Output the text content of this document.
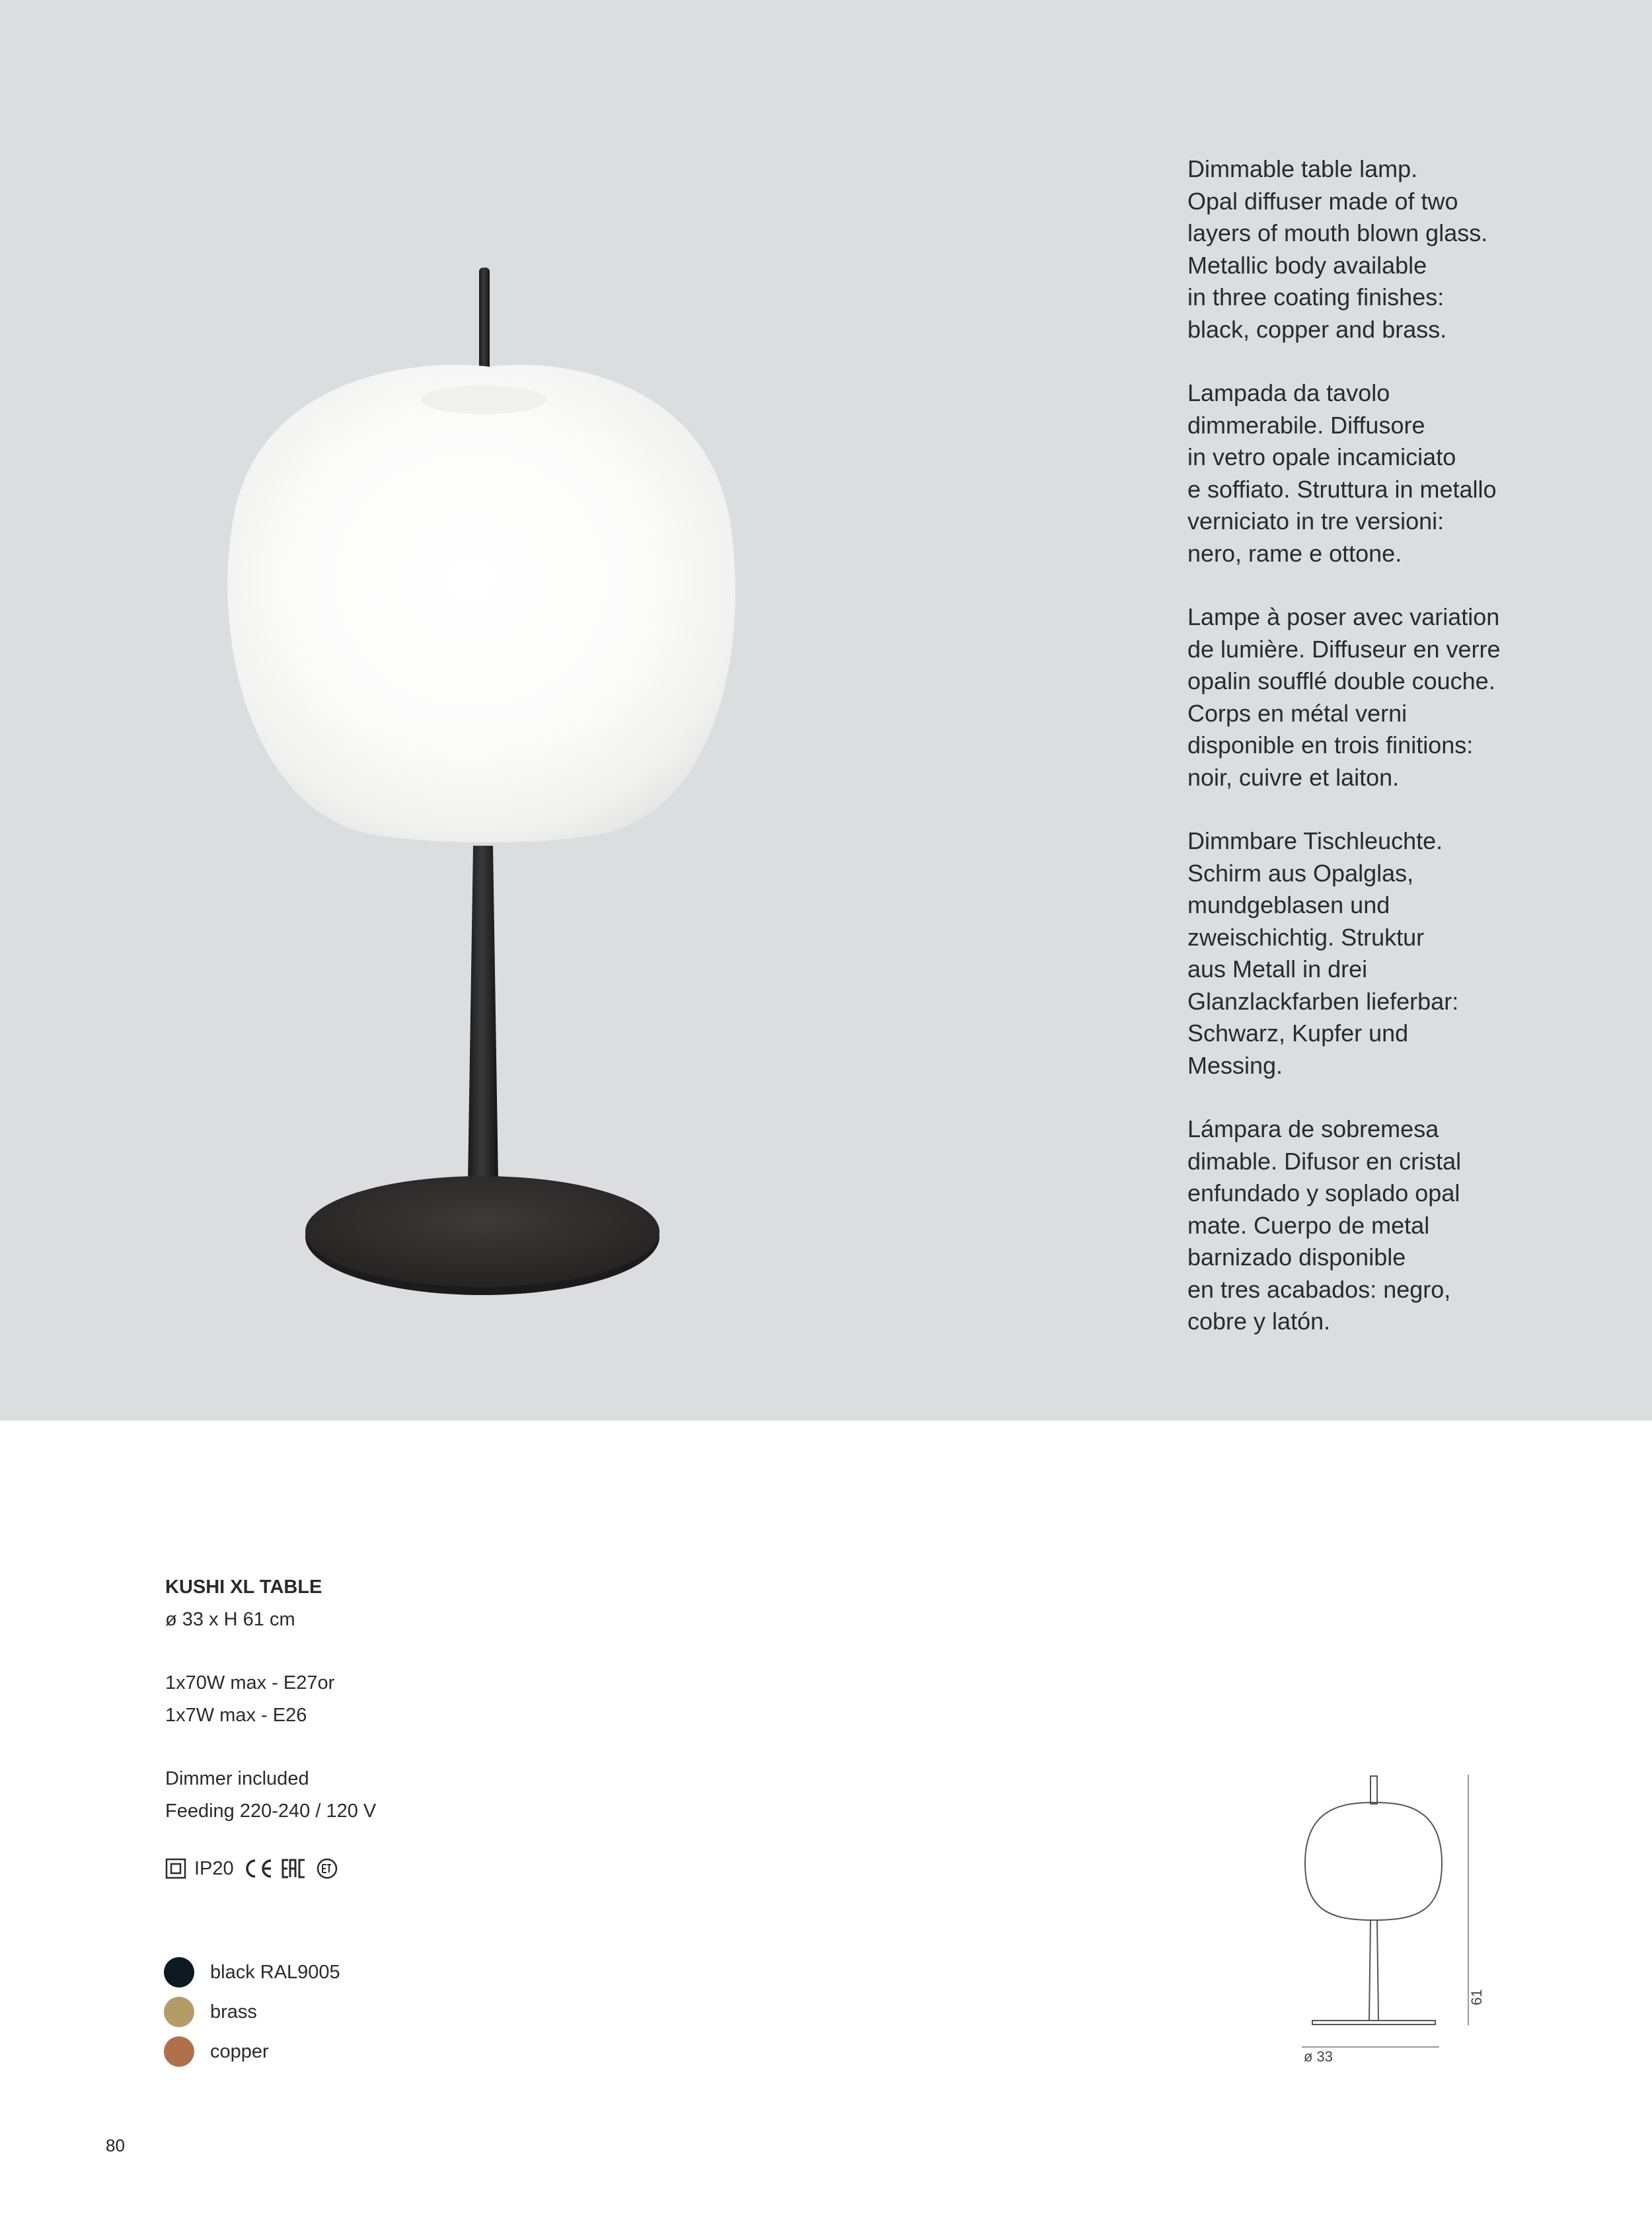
Dimmable table lamp.
Opal diffuser made of two
layers of mouth blown glass.
Metallic body available
in three coating finishes:
black, copper and brass.

Lampada da tavolo
dimmerabile. Diffusore
in vetro opale incamiciato
e soffiato. Struttura in metallo
verniciato in tre versioni:
nero, rame e ottone.

Lampe à poser avec variation
de lumière. Diffuseur en verre
opalin soufflé double couche.
Corps en métal verni
disponible en trois finitions:
noir, cuivre et laiton.

Dimmbare Tischleuchte.
Schirm aus Opalglas,
mundgeblasen und
zweischichtig. Struktur
aus Metall in drei
Glanzlackfarben lieferbar:
Schwarz, Kupfer und
Messing.

Lámpara de sobremesa
dimable. Difusor en cristal
enfundado y soplado opal
mate. Cuerpo de metal
barnizado disponible
en tres acabados: negro,
cobre y latón.

KUSHI XL TABLE
ø 33 x H 61 cm
1x70W max - E27or
1x7W max - E26
Dimmer included
Feeding 220-240 / 120 V
IP20
black RAL9005
brass
copper	ø 33
61
80
